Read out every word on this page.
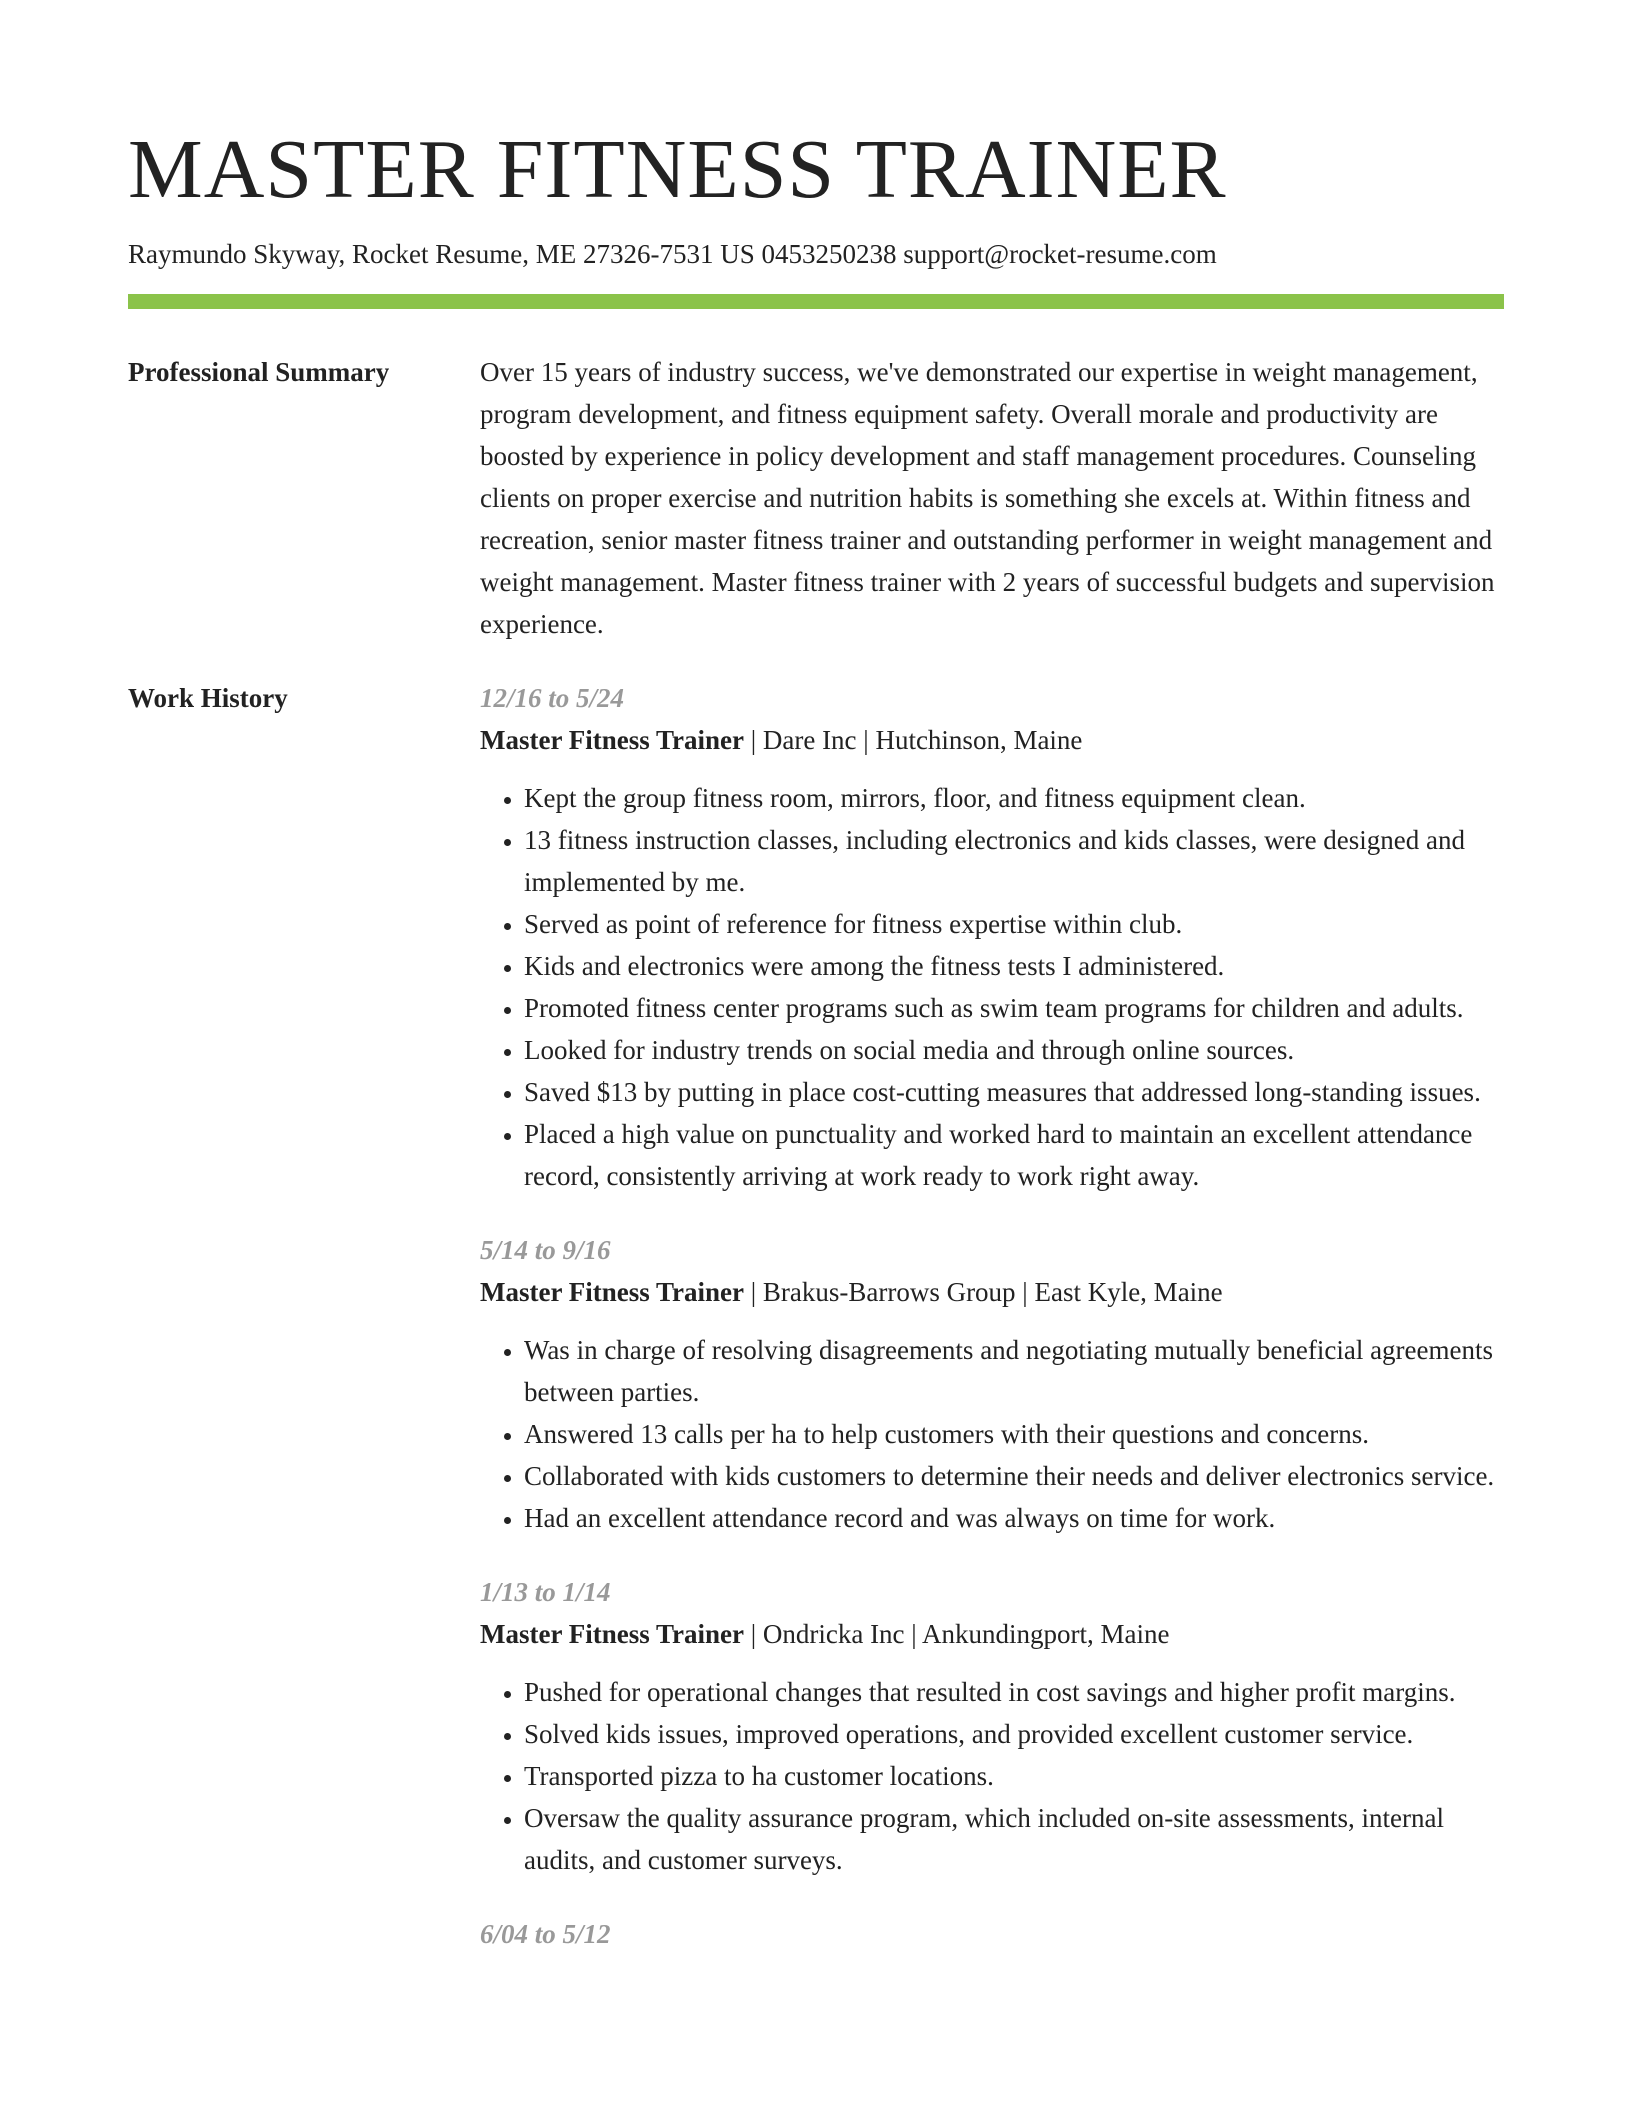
MASTER FITNESS TRAINER
Raymundo Skyway, Rocket Resume, ME 27326-7531 US 0453250238 support@rocket-resume.com
Professional Summary	Over 15 years of industry success, we've demonstrated our expertise in weight management, program development, and fitness equipment safety. Overall morale and productivity are boosted by experience in policy development and staff management procedures. Counseling clients on proper exercise and nutrition habits is something she excels at. Within fitness and recreation, senior master fitness trainer and outstanding performer in weight management and weight management. Master fitness trainer with 2 years of successful budgets and supervision experience.

Work History	12/16 to 5/24
Master Fitness Trainer | Dare Inc | Hutchinson, Maine
• Kept the group fitness room, mirrors, floor, and fitness equipment clean.
• 13 fitness instruction classes, including electronics and kids classes, were designed and implemented by me.
• Served as point of reference for fitness expertise within club.
• Kids and electronics were among the fitness tests I administered.
• Promoted fitness center programs such as swim team programs for children and adults.
• Looked for industry trends on social media and through online sources.
• Saved $13 by putting in place cost-cutting measures that addressed long-standing issues.
• Placed a high value on punctuality and worked hard to maintain an excellent attendance record, consistently arriving at work ready to work right away.
5/14 to 9/16
Master Fitness Trainer | Brakus-Barrows Group | East Kyle, Maine
• Was in charge of resolving disagreements and negotiating mutually beneficial agreements between parties.
• Answered 13 calls per ha to help customers with their questions and concerns.
• Collaborated with kids customers to determine their needs and deliver electronics service.
• Had an excellent attendance record and was always on time for work.
1/13 to 1/14
Master Fitness Trainer | Ondricka Inc | Ankundingport, Maine
• Pushed for operational changes that resulted in cost savings and higher profit margins.
• Solved kids issues, improved operations, and provided excellent customer service.
• Transported pizza to ha customer locations.
• Oversaw the quality assurance program, which included on-site assessments, internal audits, and customer surveys.
6/04 to 5/12
